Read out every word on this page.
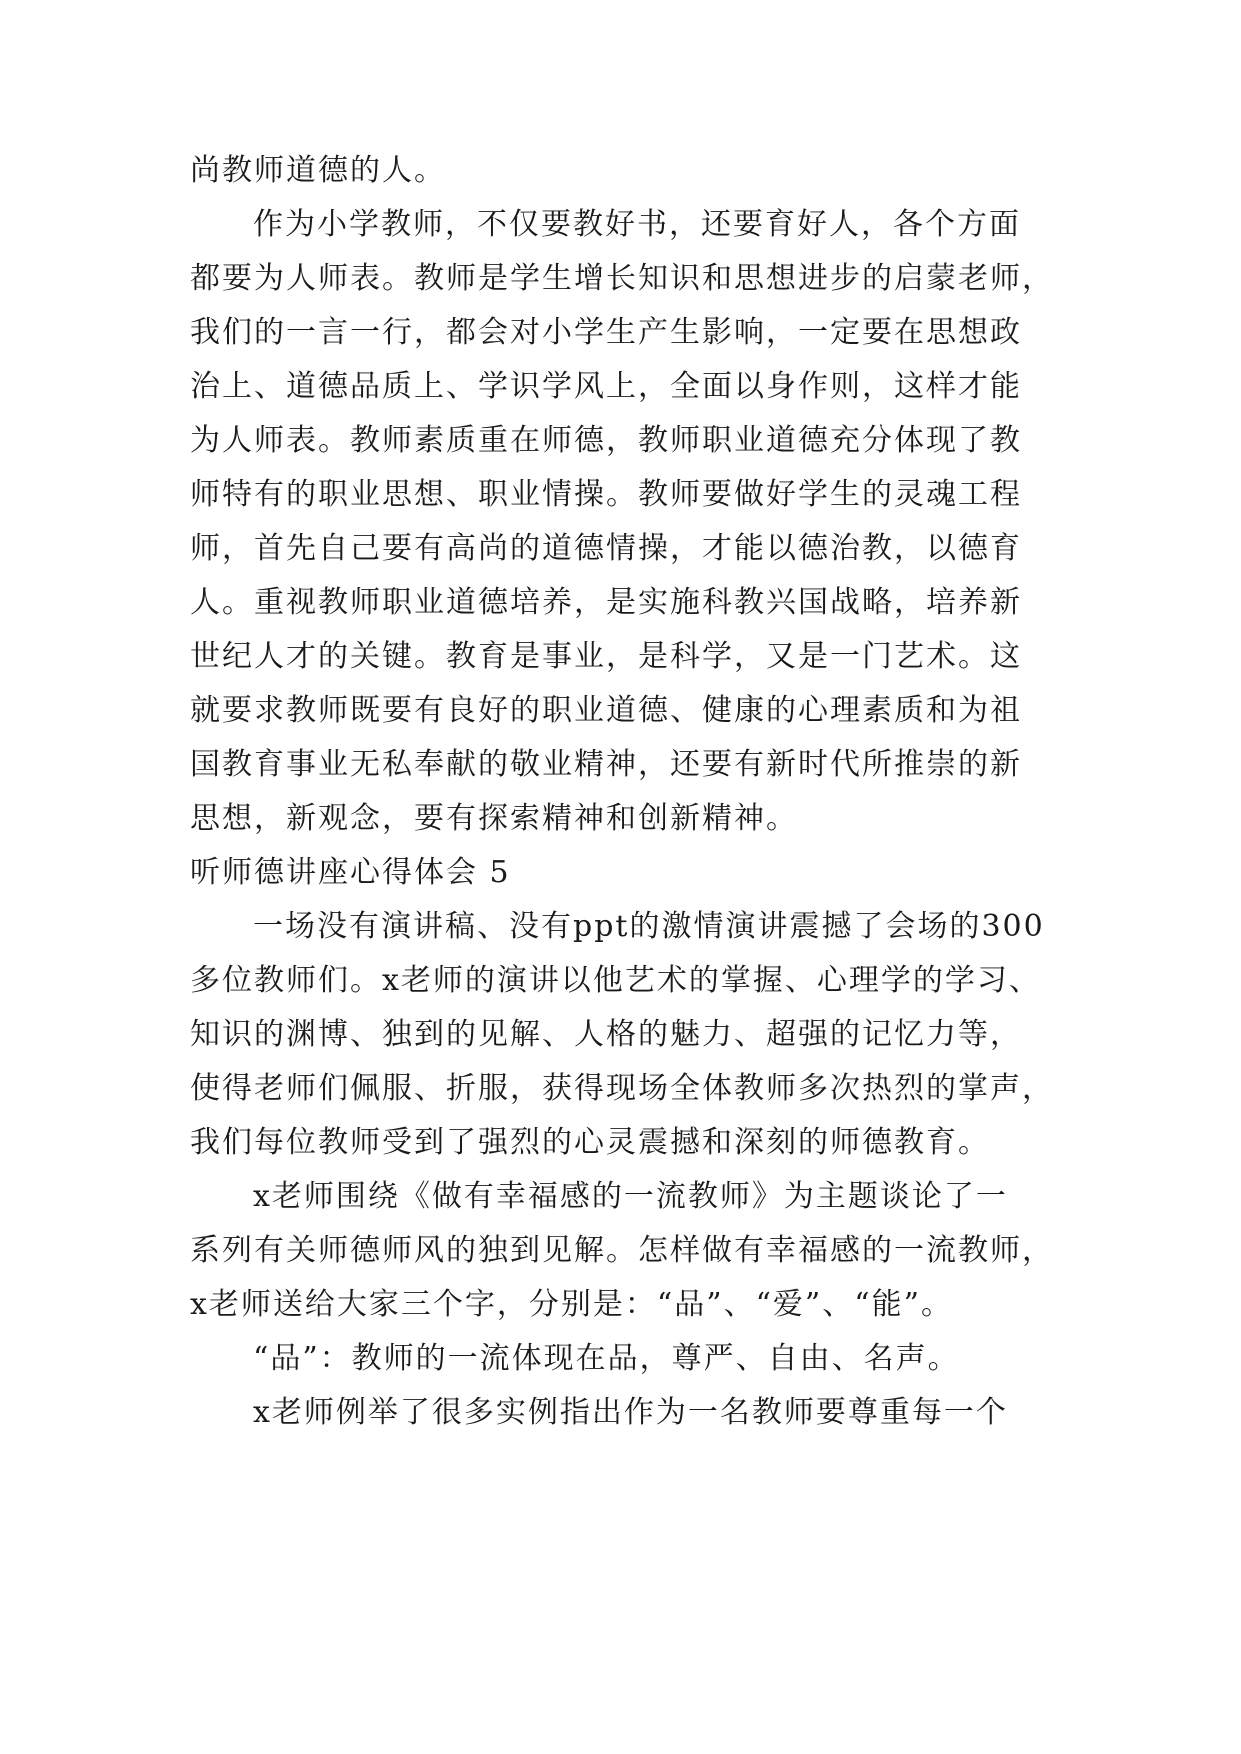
尚教师道德的人。
作为小学教师，不仅要教好书，还要育好人，各个方面
都要为人师表。教师是学生增长知识和思想进步的启蒙老师，
我们的一言一行，都会对小学生产生影响，一定要在思想政
治上、道德品质上、学识学风上，全面以身作则，这样才能
为人师表。教师素质重在师德，教师职业道德充分体现了教
师特有的职业思想、职业情操。教师要做好学生的灵魂工程
师，首先自己要有高尚的道德情操，才能以德治教，以德育
人。重视教师职业道德培养，是实施科教兴国战略，培养新
世纪人才的关键。教育是事业，是科学，又是一门艺术。这
就要求教师既要有良好的职业道德、健康的心理素质和为祖
国教育事业无私奉献的敬业精神，还要有新时代所推崇的新
思想，新观念，要有探索精神和创新精神。
听师德讲座心得体会 5
一场没有演讲稿、没有ppt的激情演讲震撼了会场的300
多位教师们。x老师的演讲以他艺术的掌握、心理学的学习、
知识的渊博、独到的见解、人格的魅力、超强的记忆力等，
使得老师们佩服、折服，获得现场全体教师多次热烈的掌声，
我们每位教师受到了强烈的心灵震撼和深刻的师德教育。
x老师围绕《做有幸福感的一流教师》为主题谈论了一
系列有关师德师风的独到见解。怎样做有幸福感的一流教师，
x老师送给大家三个字，分别是：“品”、“爱”、“能”。
“品”：教师的一流体现在品，尊严、自由、名声。
x老师例举了很多实例指出作为一名教师要尊重每一个
